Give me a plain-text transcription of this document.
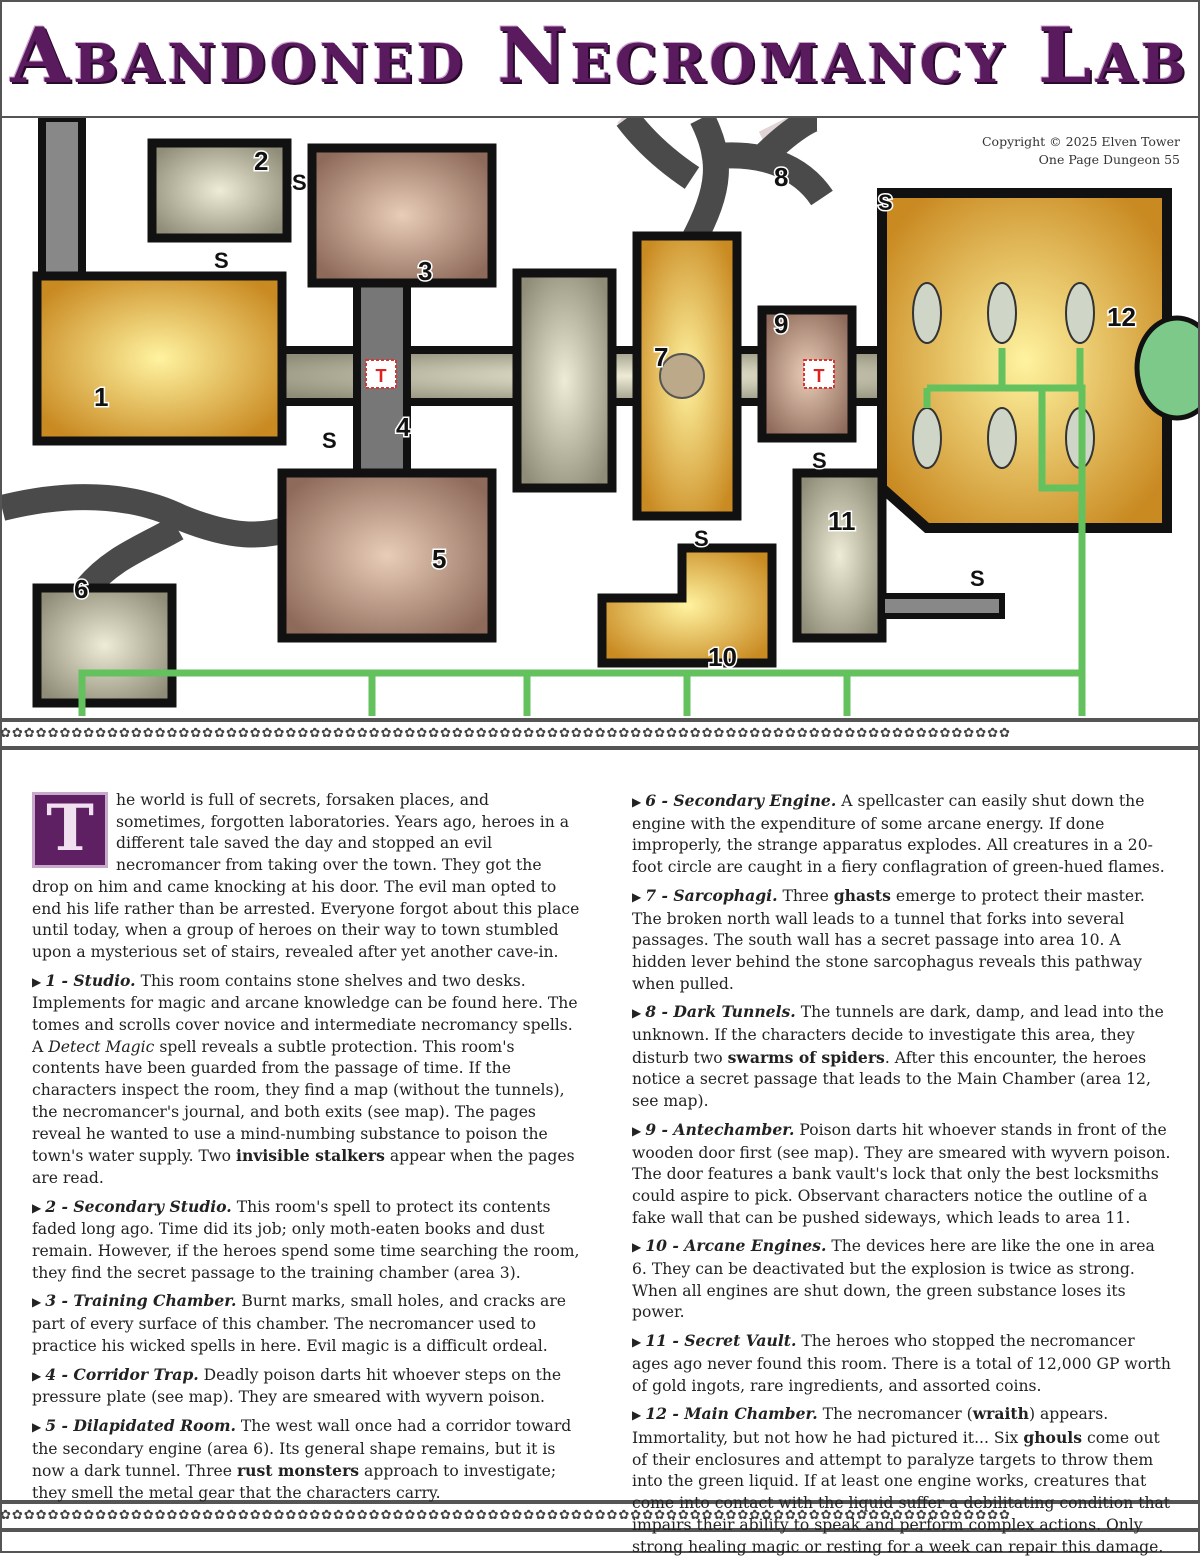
Abandoned Necromancy Lab
T	T
1
2
3
4
5
6
7
8
9
10
11
12
S
S
S
S
S
S
S
Copyright © 2025 Elven Tower
One Page Dungeon 55
✿✿✿✿✿✿✿✿✿✿✿✿✿✿✿✿✿✿✿✿✿✿✿✿✿✿✿✿✿✿✿✿✿✿✿✿✿✿✿✿✿✿✿✿✿✿✿✿✿✿✿✿✿✿✿✿✿✿✿✿✿✿✿✿✿✿✿✿✿✿✿✿✿✿✿✿✿✿✿✿✿✿✿✿✿
✿✿✿✿✿✿✿✿✿✿✿✿✿✿✿✿✿✿✿✿✿✿✿✿✿✿✿✿✿✿✿✿✿✿✿✿✿✿✿✿✿✿✿✿✿✿✿✿✿✿✿✿✿✿✿✿✿✿✿✿✿✿✿✿✿✿✿✿✿✿✿✿✿✿✿✿✿✿✿✿✿✿✿✿✿

T	he world is full of secrets, forsaken places, and sometimes, forgotten laboratories. Years ago, heroes in a different tale saved the day and stopped an evil necromancer from taking over the town. They got the drop on him and came knocking at his door. The evil man opted to end his life rather than be arrested. Everyone forgot about this place until today, when a group of heroes on their way to town stumbled upon a mysterious set of stairs, revealed after yet another cave-in.

▶ 1 - Studio. This room contains stone shelves and two desks. Implements for magic and arcane knowledge can be found here. The tomes and scrolls cover novice and intermediate necromancy spells. A Detect Magic spell reveals a subtle protection. This room's contents have been guarded from the passage of time. If the characters inspect the room, they find a map (without the tunnels), the necromancer's journal, and both exits (see map). The pages reveal he wanted to use a mind-numbing substance to poison the town's water supply. Two invisible stalkers appear when the pages are read.

▶ 2 - Secondary Studio. This room's spell to protect its contents faded long ago. Time did its job; only moth-eaten books and dust remain. However, if the heroes spend some time searching the room, they find the secret passage to the training chamber (area 3).

▶ 3 - Training Chamber. Burnt marks, small holes, and cracks are part of every surface of this chamber. The necromancer used to practice his wicked spells in here. Evil magic is a difficult ordeal.

▶ 4 - Corridor Trap. Deadly poison darts hit whoever steps on the pressure plate (see map). They are smeared with wyvern poison.

▶ 5 - Dilapidated Room. The west wall once had a corridor toward the secondary engine (area 6). Its general shape remains, but it is now a dark tunnel. Three rust monsters approach to investigate; they smell the metal gear that the characters carry.

▶ 6 - Secondary Engine. A spellcaster can easily shut down the engine with the expenditure of some arcane energy. If done improperly, the strange apparatus explodes. All creatures in a 20-foot circle are caught in a fiery conflagration of green-hued flames.

▶ 7 - Sarcophagi. Three ghasts emerge to protect their master. The broken north wall leads to a tunnel that forks into several passages. The south wall has a secret passage into area 10. A hidden lever behind the stone sarcophagus reveals this pathway when pulled.

▶ 8 - Dark Tunnels. The tunnels are dark, damp, and lead into the unknown. If the characters decide to investigate this area, they disturb two swarms of spiders. After this encounter, the heroes notice a secret passage that leads to the Main Chamber (area 12, see map).

▶ 9 - Antechamber. Poison darts hit whoever stands in front of the wooden door first (see map). They are smeared with wyvern poison. The door features a bank vault's lock that only the best locksmiths could aspire to pick. Observant characters notice the outline of a fake wall that can be pushed sideways, which leads to area 11.

▶ 10 - Arcane Engines. The devices here are like the one in area 6. They can be deactivated but the explosion is twice as strong. When all engines are shut down, the green substance loses its power.

▶ 11 - Secret Vault. The heroes who stopped the necromancer ages ago never found this room. There is a total of 12,000 GP worth of gold ingots, rare ingredients, and assorted coins.

▶ 12 - Main Chamber. The necromancer (wraith) appears. Immortality, but not how he had pictured it... Six ghouls come out of their enclosures and attempt to paralyze targets to throw them into the green liquid. If at least one engine works, creatures that come into contact with the liquid suffer a debilitating condition that impairs their ability to speak and perform complex actions. Only strong healing magic or resting for a week can repair this damage.
